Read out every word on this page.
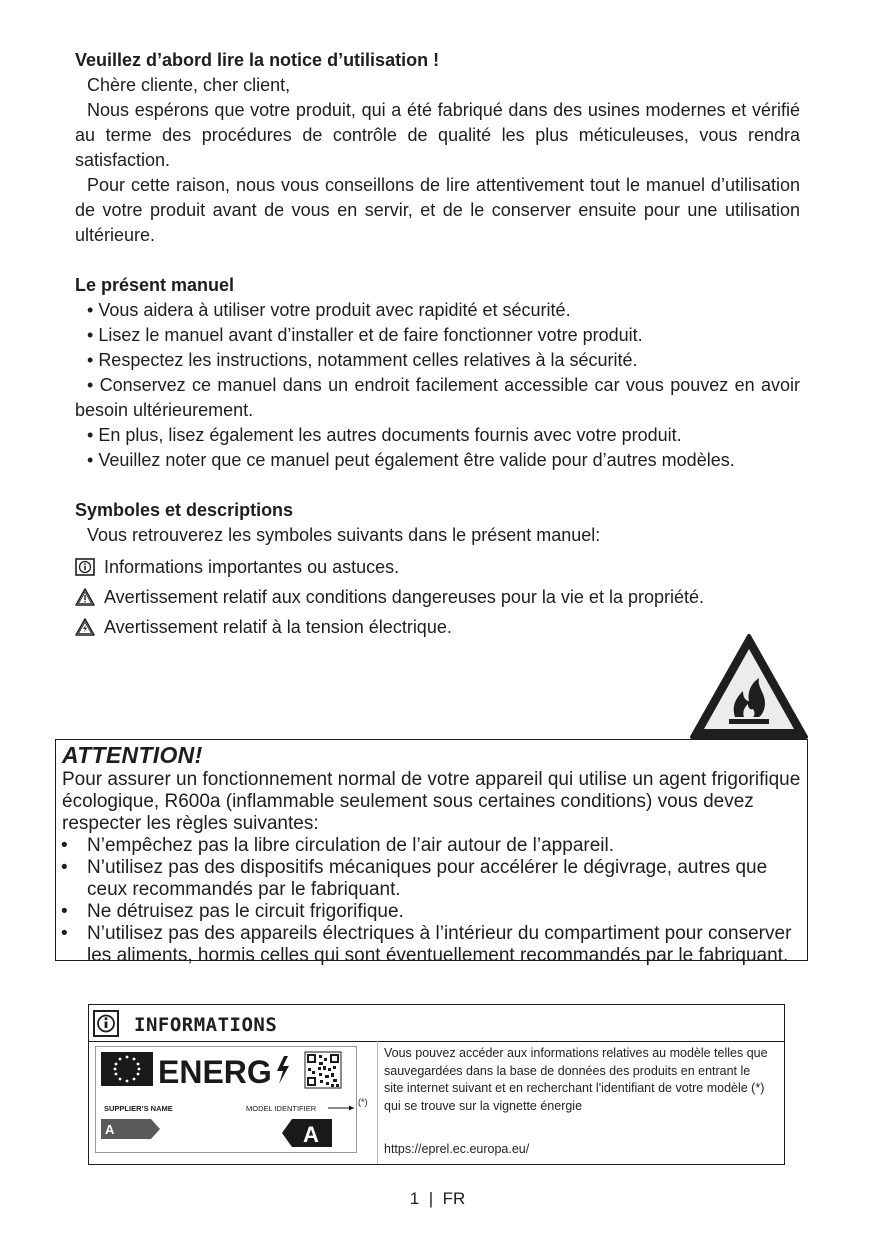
Veuillez d’abord lire la notice d’utilisation !

Chère cliente, cher client,

Nous espérons que votre produit, qui a été fabriqué dans des usines modernes et vérifié au terme des procédures de contrôle de qualité les plus méticuleuses, vous rendra satisfaction.

Pour cette raison, nous vous conseillons de lire attentivement tout le manuel d’utilisation de votre produit avant de vous en servir, et de le conserver ensuite pour une utilisation ultérieure.

Le présent manuel

• Vous aidera à utiliser votre produit avec rapidité et sécurité.

• Lisez le manuel avant d’installer et de faire fonctionner votre produit.

• Respectez les instructions, notamment celles relatives à la sécurité.

• Conservez ce manuel dans un endroit facilement accessible car vous pouvez en avoir besoin ultérieurement.

• En plus, lisez également les autres documents fournis avec votre produit.

• Veuillez noter que ce manuel peut également être valide pour d’autres modèles.

Symboles et descriptions

Vous retrouverez les symboles suivants dans le présent manuel:

Informations importantes ou astuces.
Avertissement relatif aux conditions dangereuses pour la vie et la propriété.
Avertissement relatif à la tension électrique.
ATTENTION!
Pour assurer un fonctionnement normal de votre appareil qui utilise un agent frigorifique écologique, R600a (inflammable seulement sous certaines conditions) vous devez respecter les règles suivantes:
• N’empêchez pas la libre circulation de l’air autour de l’appareil.
• N’utilisez pas des dispositifs mécaniques pour accélérer le dégivrage, autres que ceux recommandés par le fabriquant.
• Ne détruisez pas le circuit frigorifique.
• N’utilisez pas des appareils électriques à l’intérieur du compartiment pour conserver les aliments, hormis celles qui sont éventuellement recommandés par le fabriquant.
INFORMATIONS
ENERG
SUPPLIER’S NAME	MODEL IDENTIFIER
A	A
(*)
Vous pouvez accéder aux informations relatives au modèle telles que sauvegardées dans la base de données des produits en entrant le site internet suivant et en recherchant l'identifiant de votre modèle (*) qui se trouve sur la vignette énergie
https://eprel.ec.europa.eu/
1 | FR
